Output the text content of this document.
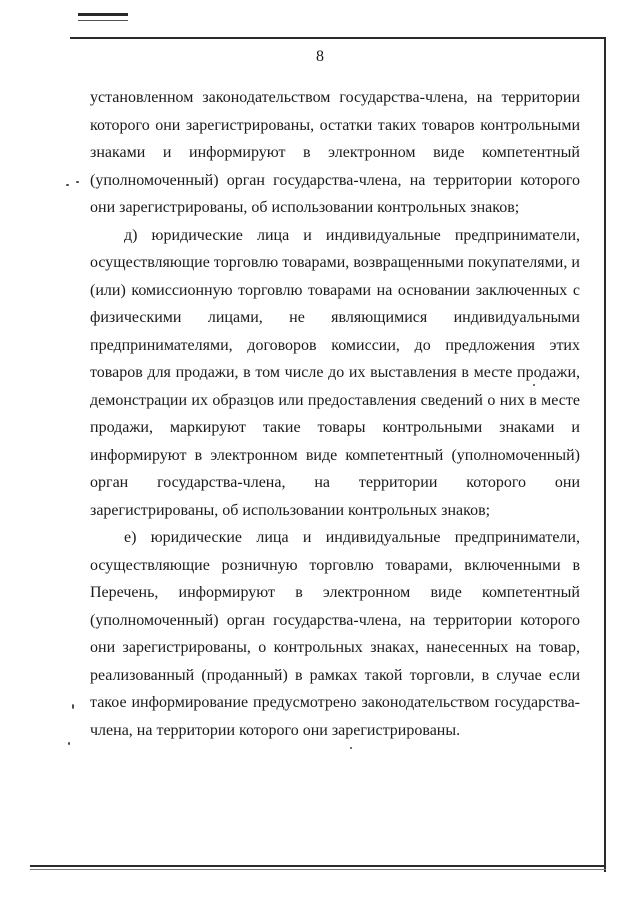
8

установленном законодательством государства-члена, на территории которого они зарегистрированы, остатки таких товаров контрольными знаками и информируют в электронном виде компетентный (уполномоченный) орган государства-члена, на территории которого они зарегистрированы, об использовании контрольных знаков;

д) юридические лица и индивидуальные предприниматели, осуществляющие торговлю товарами, возвращенными покупателями, и (или) комиссионную торговлю товарами на основании заключенных с физическими лицами, не являющимися индивидуальными предпринимателями, договоров комиссии, до предложения этих товаров для продажи, в том числе до их выставления в месте продажи, демонстрации их образцов или предоставления сведений о них в месте продажи, маркируют такие товары контрольными знаками и информируют в электронном виде компетентный (уполномоченный) орган государства-члена, на территории которого они зарегистрированы, об использовании контрольных знаков;

е) юридические лица и индивидуальные предприниматели, осуществляющие розничную торговлю товарами, включенными в Перечень, информируют в электронном виде компетентный (уполномоченный) орган государства-члена, на территории которого они зарегистрированы, о контрольных знаках, нанесенных на товар, реализованный (проданный) в рамках такой торговли, в случае если такое информирование предусмотрено законодательством государства-члена, на территории которого они зарегистрированы.
